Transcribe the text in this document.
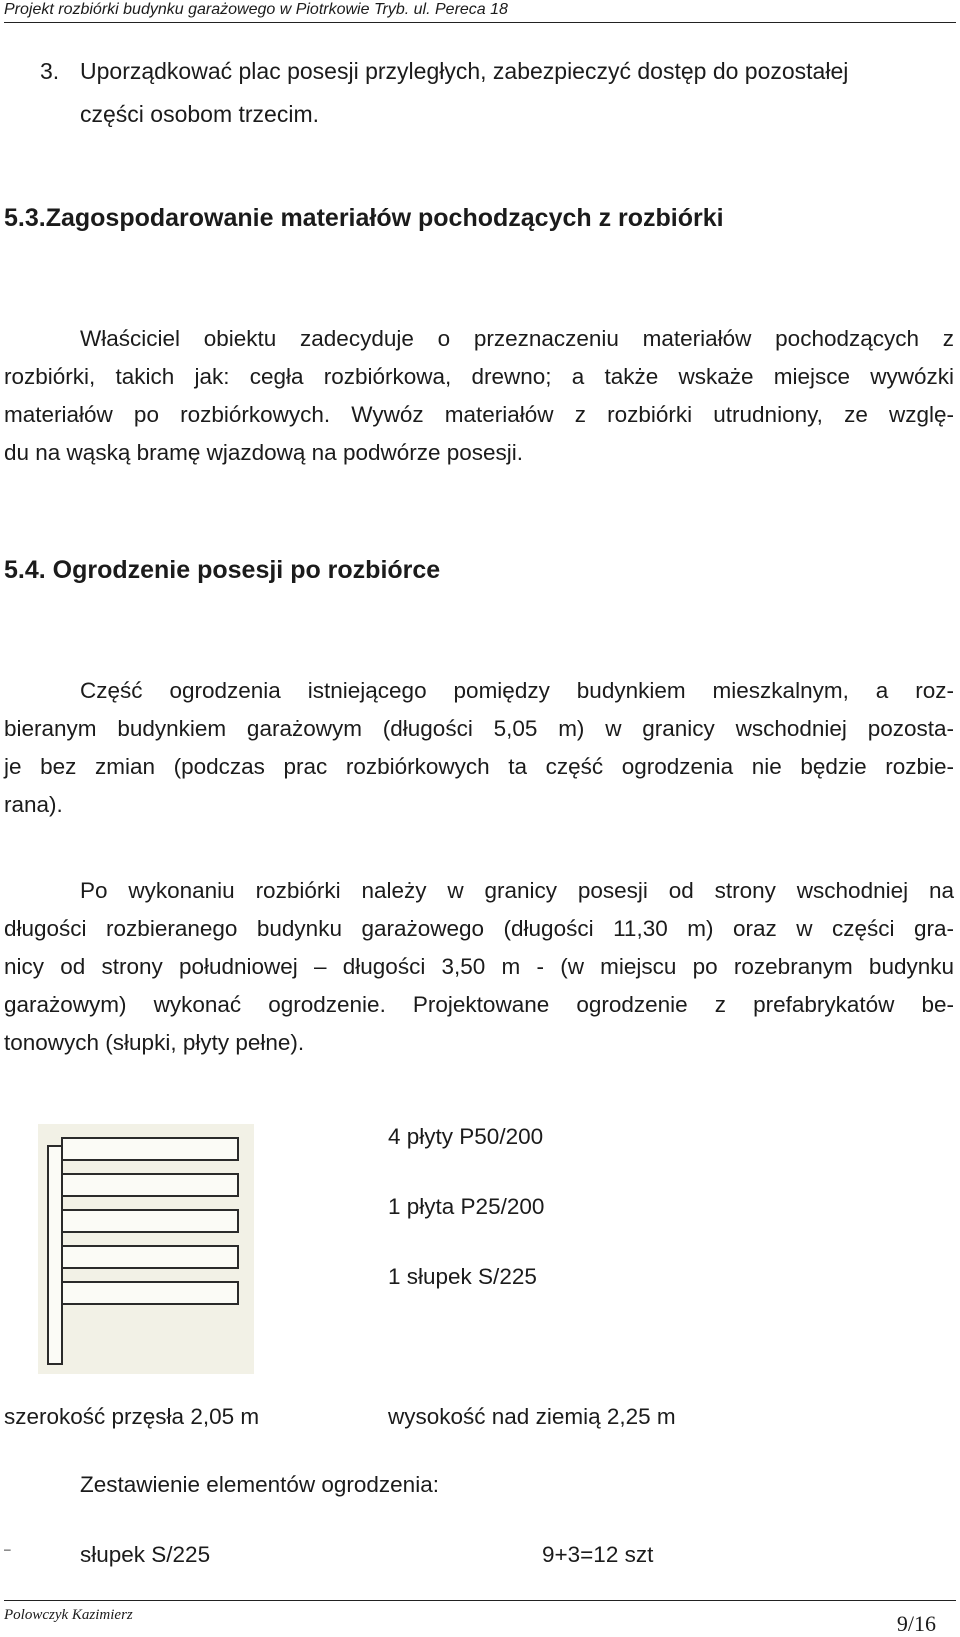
Projekt rozbiórki budynku garażowego w Piotrkowie Tryb. ul. Pereca 18
3. Uporządkować plac posesji przyległych, zabezpieczyć dostęp do pozostałej
części osobom trzecim.
5.3.Zagospodarowanie materiałów pochodzących z rozbiórki
Właściciel obiektu zadecyduje o przeznaczeniu materiałów pochodzących z
rozbiórki, takich jak: cegła rozbiórkowa, drewno; a także wskaże miejsce wywózki
materiałów po rozbiórkowych. Wywóz materiałów z rozbiórki utrudniony, ze wzglę-
du na wąską bramę wjazdową na podwórze posesji.
5.4. Ogrodzenie posesji po rozbiórce
Część ogrodzenia istniejącego pomiędzy budynkiem mieszkalnym, a roz-
bieranym budynkiem garażowym (długości 5,05 m) w granicy wschodniej pozosta-
je bez zmian (podczas prac rozbiórkowych ta część ogrodzenia nie będzie rozbie-
rana).
Po wykonaniu rozbiórki należy w granicy posesji od strony wschodniej na
długości rozbieranego budynku garażowego (długości 11,30 m) oraz w części gra-
nicy od strony południowej – długości 3,50 m - (w miejscu po rozebranym budynku
garażowym) wykonać ogrodzenie. Projektowane ogrodzenie z prefabrykatów be-
tonowych (słupki, płyty pełne).
4 płyty P50/200
1 płyta P25/200
1 słupek S/225
szerokość przęsła 2,05 m	wysokość nad ziemią 2,25 m
Zestawienie elementów ogrodzenia:
–	słupek S/225	9+3=12 szt
Polowczyk Kazimierz	9/16
